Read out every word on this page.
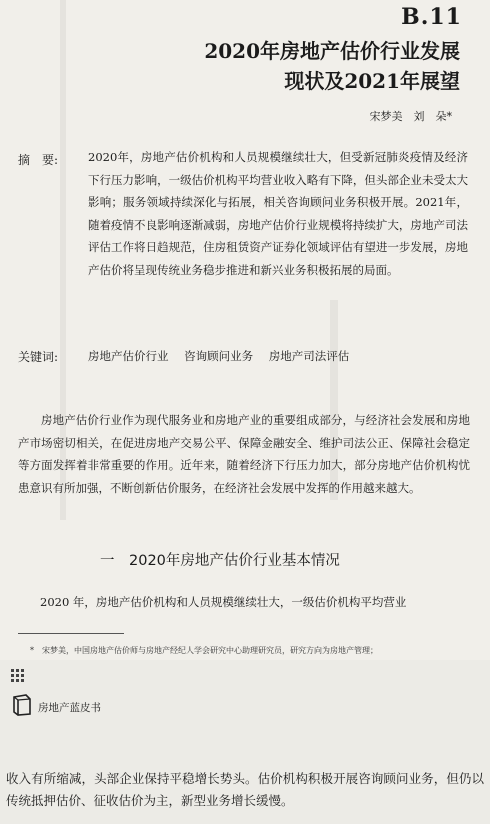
B.11
2020年房地产估价行业发展
现状及2021年展望
宋梦美　刘　朵*
摘　要:	2020年，房地产估价机构和人员规模继续壮大，但受新冠肺炎疫情及经济下行压力影响，一级估价机构平均营业收入略有下降，但头部企业未受太大影响；服务领域持续深化与拓展，相关咨询顾问业务积极开展。2021年，随着疫情不良影响逐渐减弱，房地产估价行业规模将持续扩大，房地产司法评估工作将日趋规范，住房租赁资产证券化领域评估有望进一步发展，房地产估价将呈现传统业务稳步推进和新兴业务积极拓展的局面。
关键词:	房地产估价行业 咨询顾问业务 房地产司法评估
房地产估价行业作为现代服务业和房地产业的重要组成部分，与经济社会发展和房地产市场密切相关，在促进房地产交易公平、保障金融安全、维护司法公正、保障社会稳定等方面发挥着非常重要的作用。近年来，随着经济下行压力加大，部分房地产估价机构忧患意识有所加强，不断创新估价服务，在经济社会发展中发挥的作用越来越大。
一　2020年房地产估价行业基本情况
2020 年，房地产估价机构和人员规模继续壮大，一级估价机构平均营业
*　宋梦美，中国房地产估价师与房地产经纪人学会研究中心助理研究员，研究方向为房地产管理；
房地产蓝皮书
收入有所缩减，头部企业保持平稳增长势头。估价机构积极开展咨询顾问业务，但仍以传统抵押估价、征收估价为主，新型业务增长缓慢。
